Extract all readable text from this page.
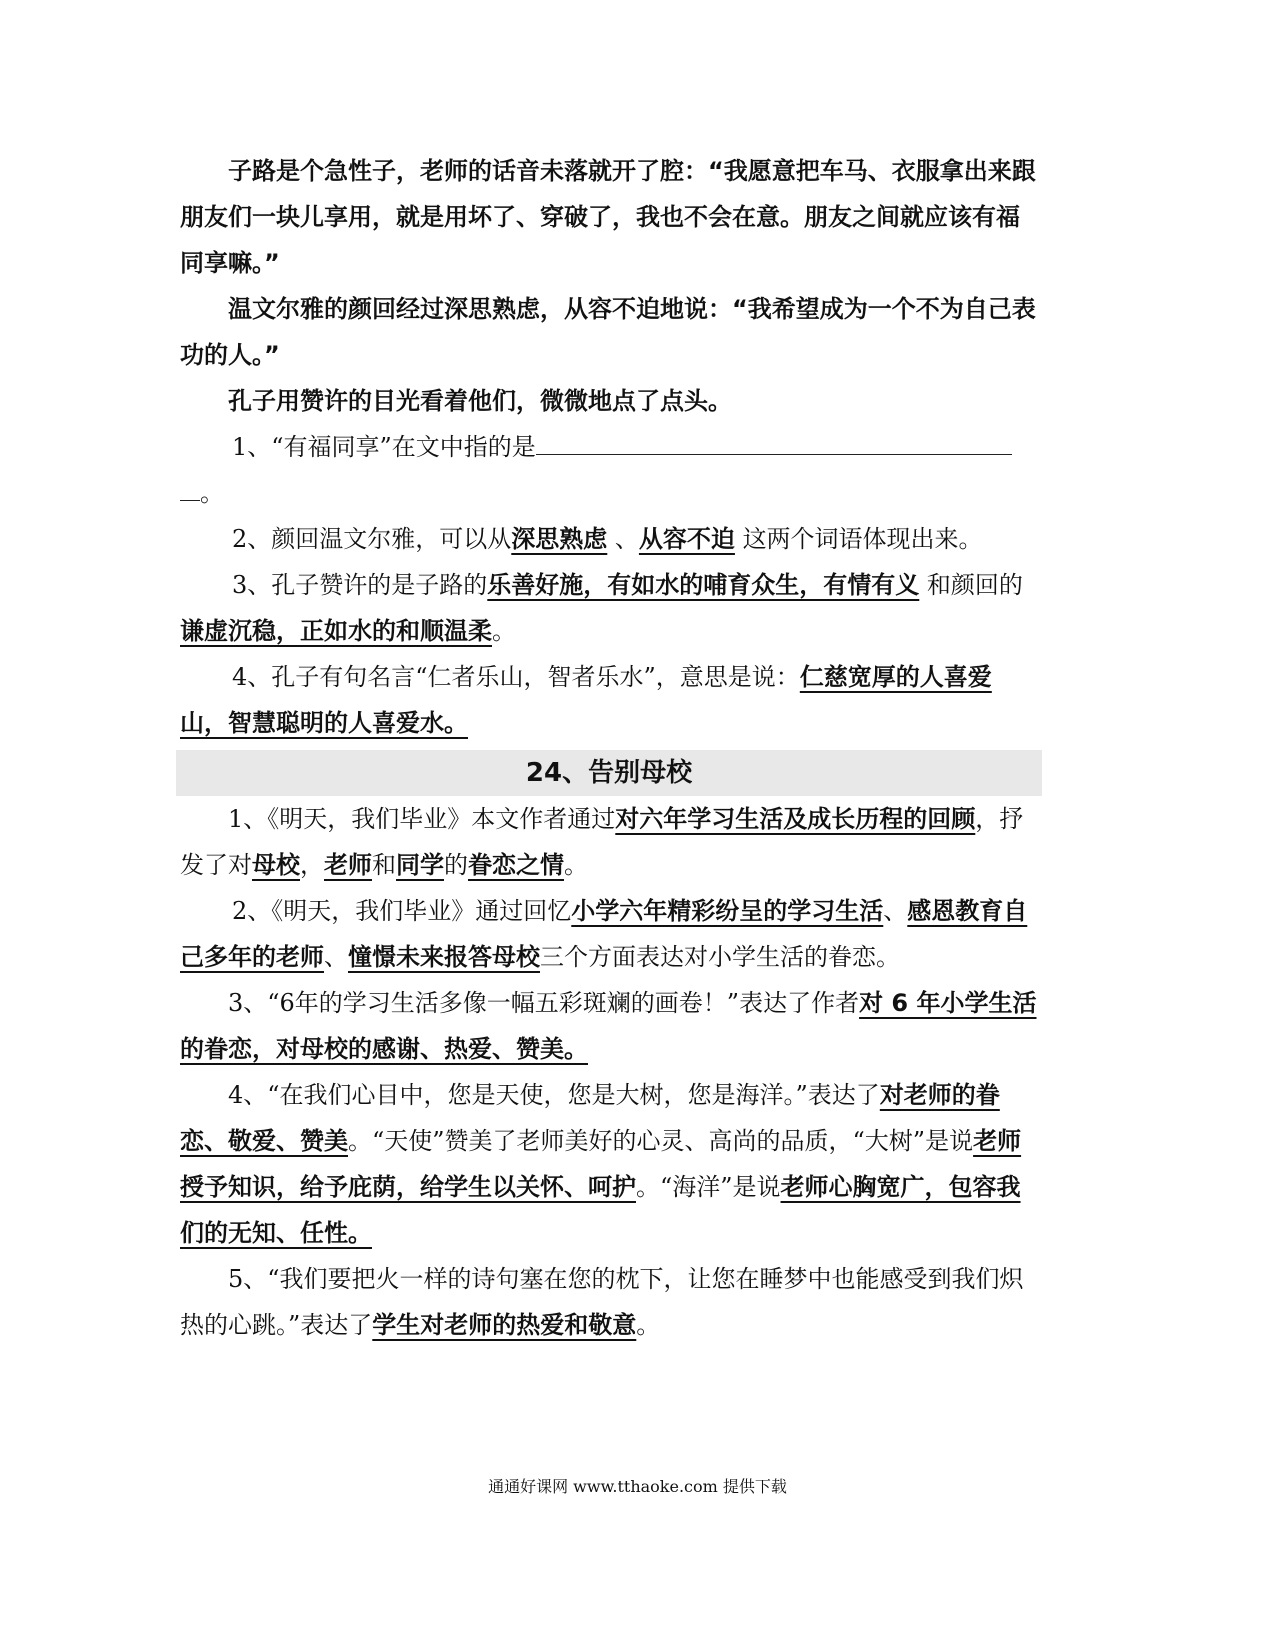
子路是个急性子，老师的话音未落就开了腔：“我愿意把车马、衣服拿出来跟朋友们一块儿享用，就是用坏了、穿破了，我也不会在意。朋友之间就应该有福同享嘛。”

温文尔雅的颜回经过深思熟虑，从容不迫地说：“我希望成为一个不为自己表功的人。”

孔子用赞许的目光看着他们，微微地点了点头。

1、“有福同享”在文中指的是

。

2、颜回温文尔雅，可以从深思熟虑 、从容不迫 这两个词语体现出来。

3、孔子赞许的是子路的乐善好施，有如水的哺育众生，有情有义 和颜回的谦虚沉稳，正如水的和顺温柔。

4、孔子有句名言“仁者乐山，智者乐水”，意思是说：仁慈宽厚的人喜爱山，智慧聪明的人喜爱水。

24、告别母校

1、《明天，我们毕业》本文作者通过对六年学习生活及成长历程的回顾，抒发了对母校，老师和同学的眷恋之情。

2、《明天，我们毕业》通过回忆小学六年精彩纷呈的学习生活、感恩教育自己多年的老师、憧憬未来报答母校三个方面表达对小学生活的眷恋。

3、“6年的学习生活多像一幅五彩斑斓的画卷！”表达了作者对 6 年小学生活的眷恋，对母校的感谢、热爱、赞美。

4、“在我们心目中，您是天使，您是大树，您是海洋。”表达了对老师的眷恋、敬爱、赞美。“天使”赞美了老师美好的心灵、高尚的品质，“大树”是说老师授予知识，给予庇荫，给学生以关怀、呵护。“海洋”是说老师心胸宽广，包容我们的无知、任性。

5、“我们要把火一样的诗句塞在您的枕下，让您在睡梦中也能感受到我们炽热的心跳。”表达了学生对老师的热爱和敬意。

通通好课网 www.tthaoke.com 提供下载
